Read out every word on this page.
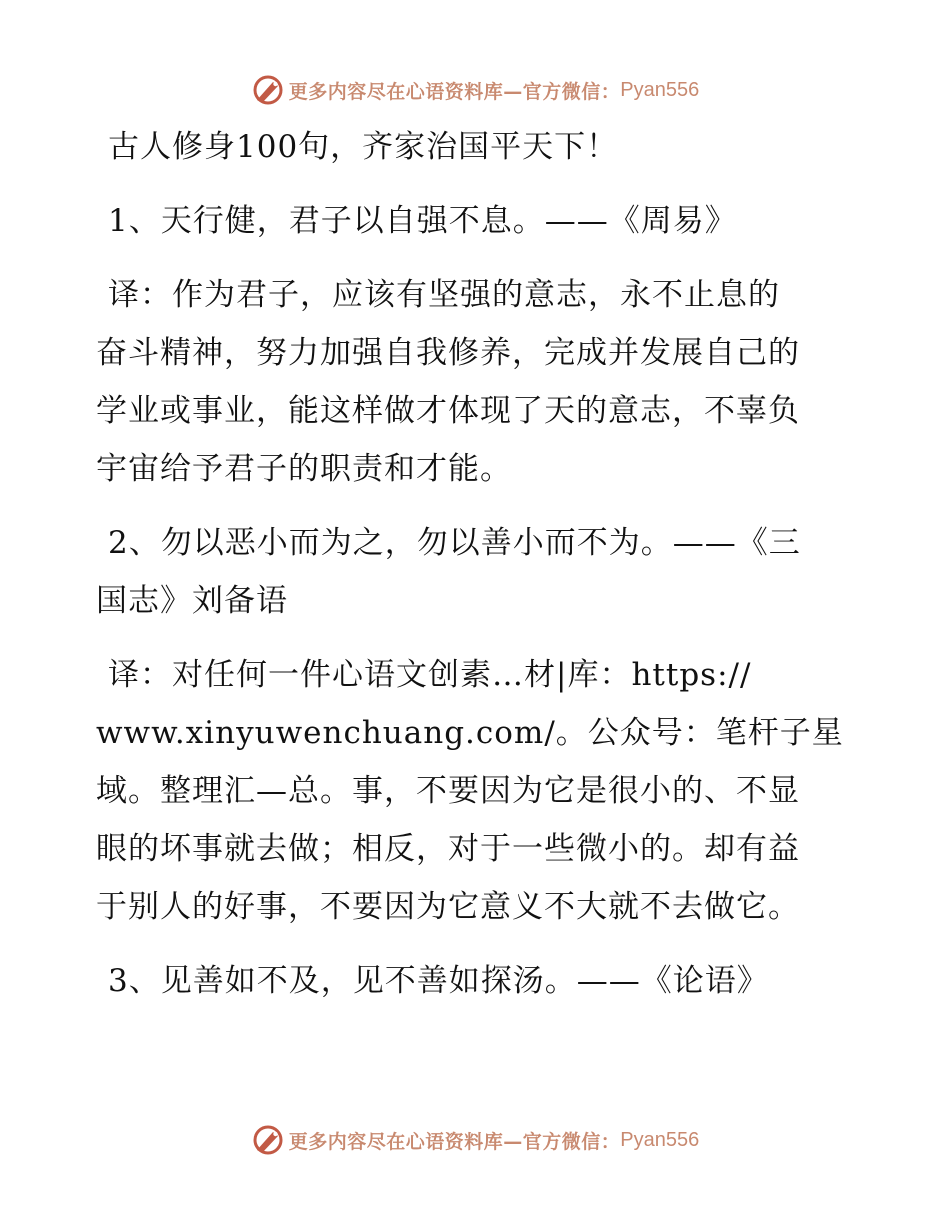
更多内容尽在心语资料库—官方微信： Pyan556
古人修身100句，齐家治国平天下！
1、天行健，君子以自强不息。——《周易》
译：作为君子，应该有坚强的意志，永不止息的
奋斗精神，努力加强自我修养，完成并发展自己的
学业或事业，能这样做才体现了天的意志，不辜负
宇宙给予君子的职责和才能。
2、勿以恶小而为之，勿以善小而不为。——《三
国志》刘备语
译：对任何一件心语文创素…材|库：https://
www.xinyuwenchuang.com/。公众号：笔杆子星
域。整理汇—总。事，不要因为它是很小的、不显
眼的坏事就去做；相反，对于一些微小的。却有益
于别人的好事，不要因为它意义不大就不去做它。
3、见善如不及，见不善如探汤。——《论语》
更多内容尽在心语资料库—官方微信： Pyan556
